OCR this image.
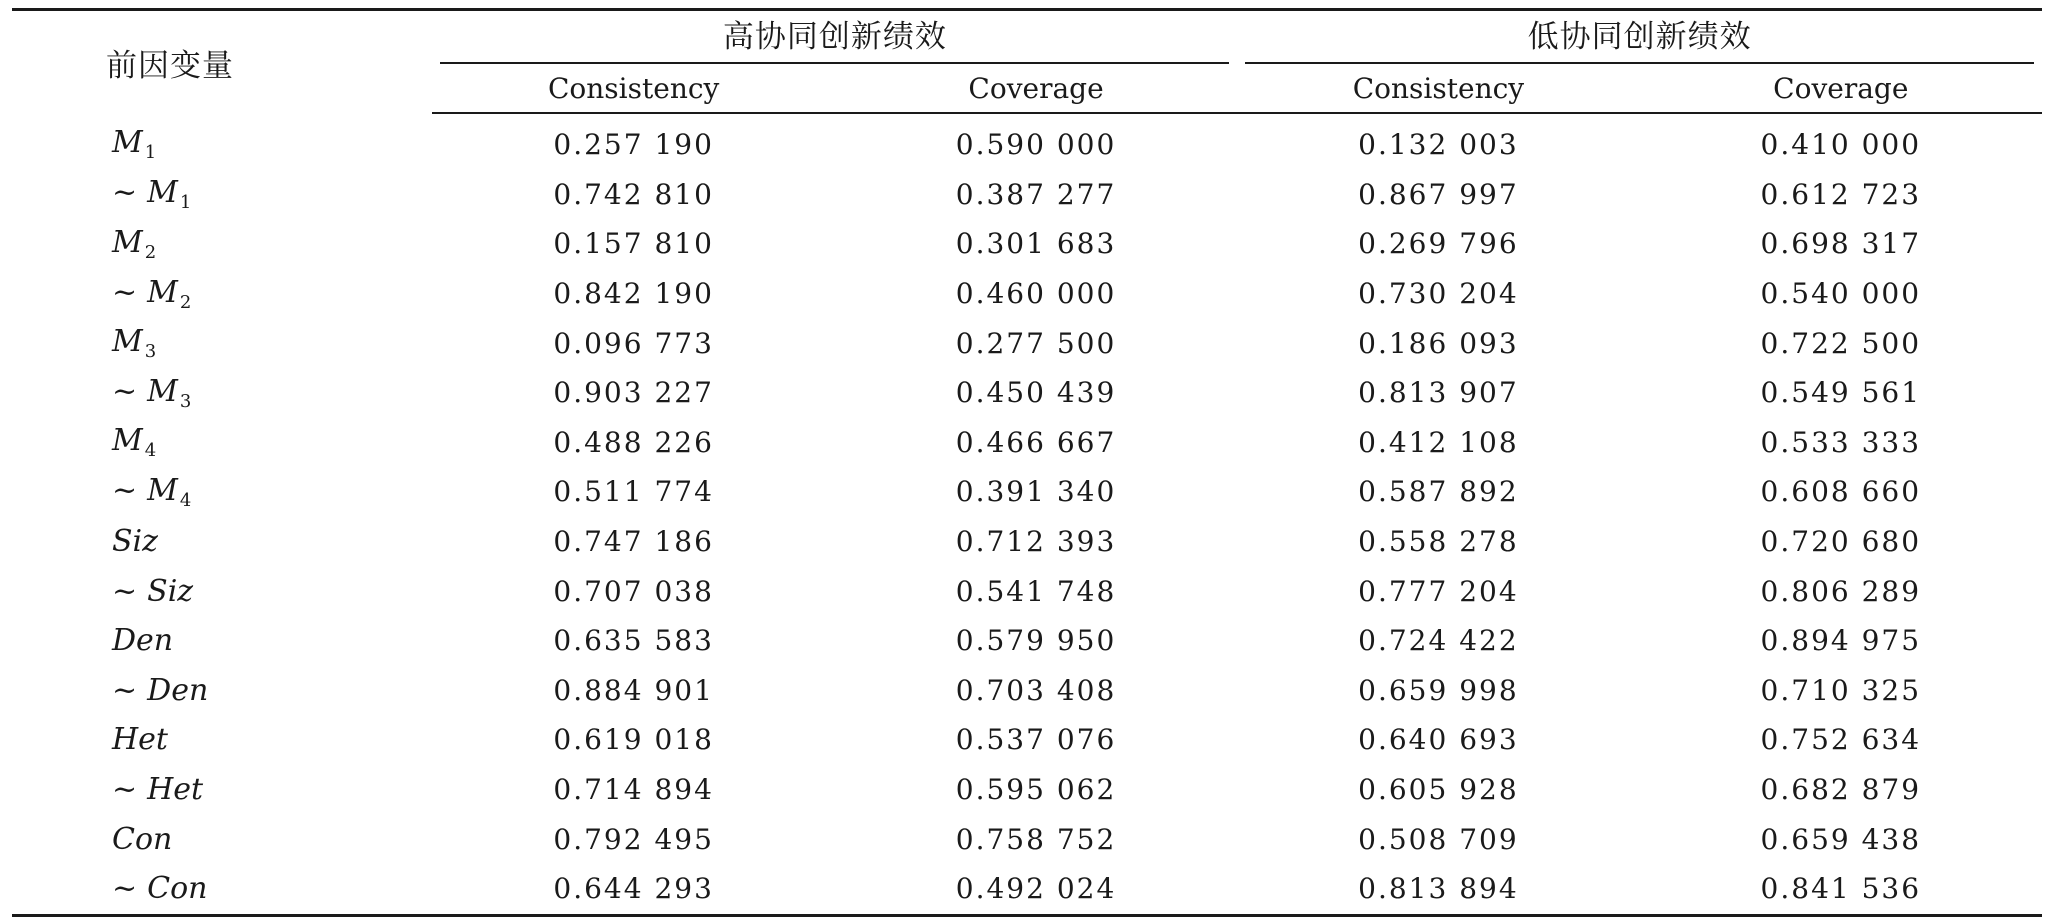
前因变量	高协同创新绩效		低协同创新绩效	

	Consistency	Coverage	Consistency	Coverage
M $_1$	0.257 190	0.590 000	0.132 003	0.410 000
~ M $_1$	0.742 810	0.387 277	0.867 997	0.612 723
M $_2$	0.157 810	0.301 683	0.269 796	0.698 317
~ M $_2$	0.842 190	0.460 000	0.730 204	0.540 000
M $_3$	0.096 773	0.277 500	0.186 093	0.722 500
~ M $_3$	0.903 227	0.450 439	0.813 907	0.549 561
M $_4$	0.488 226	0.466 667	0.412 108	0.533 333
~ M $_4$	0.511 774	0.391 340	0.587 892	0.608 660
Siz	0.747 186	0.712 393	0.558 278	0.720 680
~ Siz	0.707 038	0.541 748	0.777 204	0.806 289
Den	0.635 583	0.579 950	0.724 422	0.894 975
~ Den	0.884 901	0.703 408	0.659 998	0.710 325
Het	0.619 018	0.537 076	0.640 693	0.752 634
~ Het	0.714 894	0.595 062	0.605 928	0.682 879
Con	0.792 495	0.758 752	0.508 709	0.659 438
~ Con	0.644 293	0.492 024	0.813 894	0.841 536
